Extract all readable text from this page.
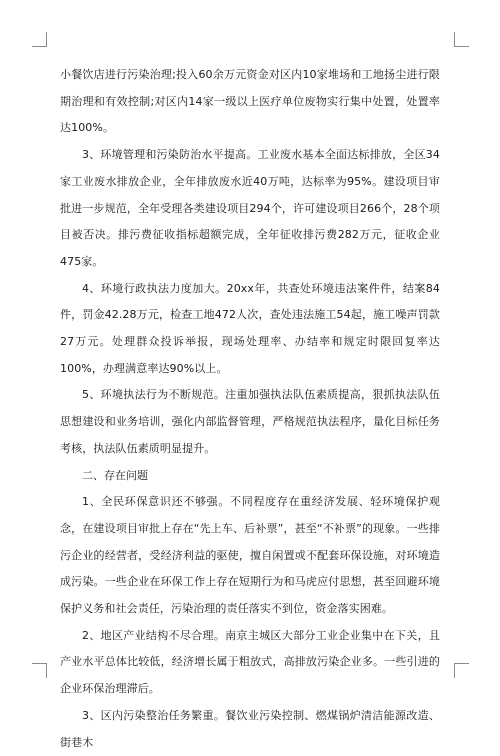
小餐饮店进行污染治理;投入60余万元资金对区内10家堆场和工地扬尘进行限期治理和有效控制;对区内14家一级以上医疗单位废物实行集中处置，处置率达100%。

3、环境管理和污染防治水平提高。工业废水基本全面达标排放，全区34家工业废水排放企业，全年排放废水近40万吨，达标率为95%。建设项目审批进一步规范，全年受理各类建设项目294个，许可建设项目266个，28个项目被否决。排污费征收指标超额完成，全年征收排污费282万元，征收企业475家。

4、环境行政执法力度加大。20xx年，共查处环境违法案件件，结案84件，罚金42.28万元，检查工地472人次，查处违法施工54起，施工噪声罚款27万元。处理群众投诉举报，现场处理率、办结率和规定时限回复率达100%，办理满意率达90%以上。

5、环境执法行为不断规范。注重加强执法队伍素质提高，狠抓执法队伍思想建设和业务培训，强化内部监督管理，严格规范执法程序，量化目标任务考核，执法队伍素质明显提升。

二、存在问题

1、全民环保意识还不够强。不同程度存在重经济发展、轻环境保护观念，在建设项目审批上存在“先上车、后补票”，甚至“不补票”的现象。一些排污企业的经营者，受经济利益的驱使，擅自闲置或不配套环保设施，对环境造成污染。一些企业在环保工作上存在短期行为和马虎应付思想，甚至回避环境保护义务和社会责任，污染治理的责任落实不到位，资金落实困难。

2、地区产业结构不尽合理。南京主城区大部分工业企业集中在下关，且产业水平总体比较低，经济增长属于粗放式，高排放污染企业多。一些引进的企业环保治理滞后。

3、区内污染整治任务繁重。餐饮业污染控制、燃煤锅炉清洁能源改造、街巷木
